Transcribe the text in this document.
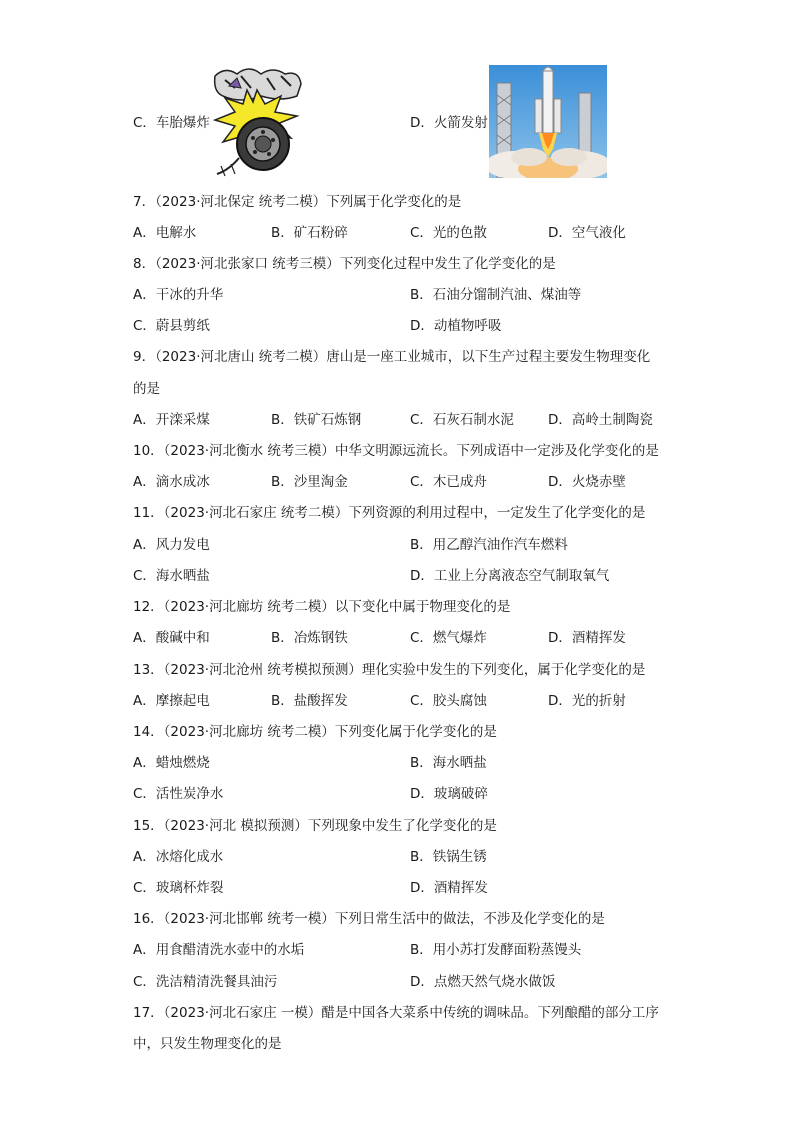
C．车胎爆炸	D．火箭发射
7．（2023·河北保定 统考二模）下列属于化学变化的是
A．电解水	B．矿石粉碎	C．光的色散	D．空气液化
8．（2023·河北张家口 统考三模）下列变化过程中发生了化学变化的是
A．干冰的升华	B．石油分馏制汽油、煤油等
C．蔚县剪纸	D．动植物呼吸
9．（2023·河北唐山 统考二模）唐山是一座工业城市，以下生产过程主要发生物理变化
的是
A．开滦采煤	B．铁矿石炼钢	C．石灰石制水泥	D．高岭土制陶瓷
10．（2023·河北衡水 统考三模）中华文明源远流长。下列成语中一定涉及化学变化的是
A．滴水成冰	B．沙里淘金	C．木已成舟	D．火烧赤壁
11．（2023·河北石家庄 统考二模）下列资源的利用过程中，一定发生了化学变化的是
A．风力发电	B．用乙醇汽油作汽车燃料
C．海水晒盐	D．工业上分离液态空气制取氧气
12．（2023·河北廊坊 统考二模）以下变化中属于物理变化的是
A．酸碱中和	B．冶炼钢铁	C．燃气爆炸	D．酒精挥发
13．（2023·河北沧州 统考模拟预测）理化实验中发生的下列变化，属于化学变化的是
A．摩擦起电	B．盐酸挥发	C．胶头腐蚀	D．光的折射
14．（2023·河北廊坊 统考二模）下列变化属于化学变化的是
A．蜡烛燃烧	B．海水晒盐
C．活性炭净水	D．玻璃破碎
15．（2023·河北 模拟预测）下列现象中发生了化学变化的是
A．冰熔化成水	B．铁锅生锈
C．玻璃杯炸裂	D．酒精挥发
16．（2023·河北邯郸 统考一模）下列日常生活中的做法，不涉及化学变化的是
A．用食醋清洗水壶中的水垢	B．用小苏打发酵面粉蒸馒头
C．洗洁精清洗餐具油污	D．点燃天然气烧水做饭
17．（2023·河北石家庄 一模）醋是中国各大菜系中传统的调味品。下列酿醋的部分工序
中，只发生物理变化的是
